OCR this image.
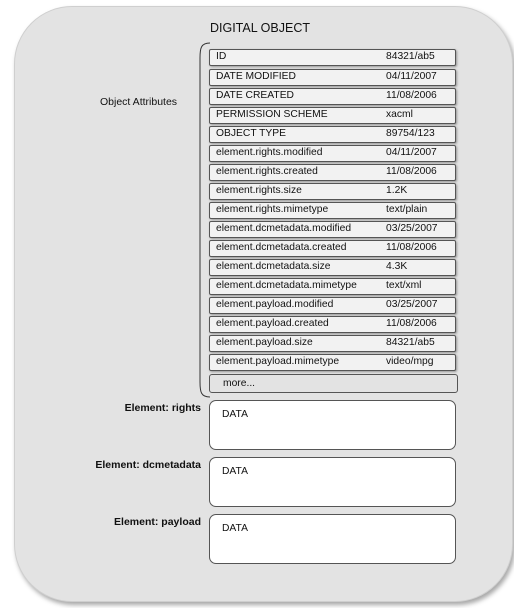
DIGITAL OBJECT
Object Attributes
ID	84321/ab5
DATE MODIFIED	04/11/2007
DATE CREATED	11/08/2006
PERMISSION SCHEME	xacml
OBJECT TYPE	89754/123
element.rights.modified	04/11/2007
element.rights.created	11/08/2006
element.rights.size	1.2K
element.rights.mimetype	text/plain
element.dcmetadata.modified	03/25/2007
element.dcmetadata.created	11/08/2006
element.dcmetadata.size	4.3K
element.dcmetadata.mimetype	text/xml
element.payload.modified	03/25/2007
element.payload.created	11/08/2006
element.payload.size	84321/ab5
element.payload.mimetype	video/mpg
more...
Element: rights
DATA
Element: dcmetadata
DATA
Element: payload
DATA
